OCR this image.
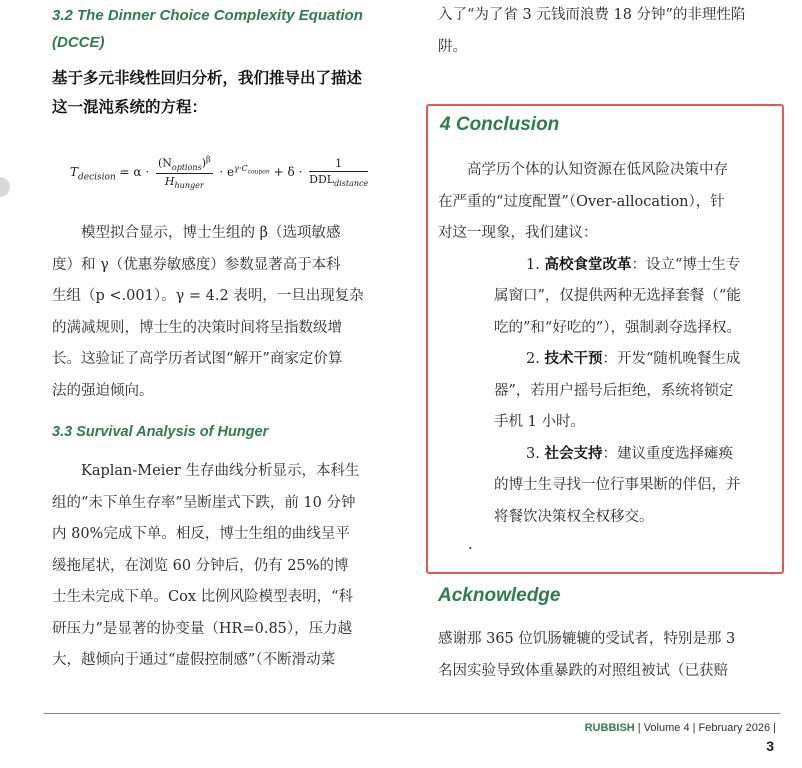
3.2 The Dinner Choice Complexity Equation
(DCCE)
基于多元非线性回归分析，我们推导出了描述
这一混沌系统的方程：
$T_{decision} = \alpha \cdot \frac{(N_{options})^\beta}{H_{hunger}} \cdot e^{\gamma\cdot C_{coupon}} + \delta \cdot \frac{1}{DDL_{distance}}$

　　模型拟合显示，博士生组的 β（选项敏感

度）和 γ（优惠券敏感度）参数显著高于本科

生组（p <.001）。γ = 4.2 表明，一旦出现复杂

的满减规则，博士生的决策时间将呈指数级增

长。这验证了高学历者试图“解开”商家定价算

法的强迫倾向。

3.3 Survival Analysis of Hunger

　　Kaplan-Meier 生存曲线分析显示，本科生

组的“未下单生存率”呈断崖式下跌，前 10 分钟

内 80%完成下单。相反，博士生组的曲线呈平

缓拖尾状，在浏览 60 分钟后，仍有 25%的博

士生未完成下单。Cox 比例风险模型表明，“科

研压力”是显著的协变量（HR=0.85），压力越

大，越倾向于通过“虚假控制感”（不断滑动菜

入了“为了省 3 元钱而浪费 18 分钟”的非理性陷

阱。

4 Conclusion

　　高学历个体的认知资源在低风险决策中存

在严重的“过度配置”（Over-allocation），针

对这一现象，我们建议：

1. 高校食堂改革：设立“博士生专

属窗口”，仅提供两种无选择套餐（“能

吃的”和“好吃的”），强制剥夺选择权。

2. 技术干预：开发“随机晚餐生成

器”，若用户摇号后拒绝，系统将锁定

手机 1 小时。

3. 社会支持：建议重度选择瘫痪

的博士生寻找一位行事果断的伴侣，并

将餐饮决策权全权移交。

.

Acknowledge

感谢那 365 位饥肠辘辘的受试者，特别是那 3

名因实验导致体重暴跌的对照组被试（已获赔

RUBBISH | Volume 4 | February 2026 |
3
